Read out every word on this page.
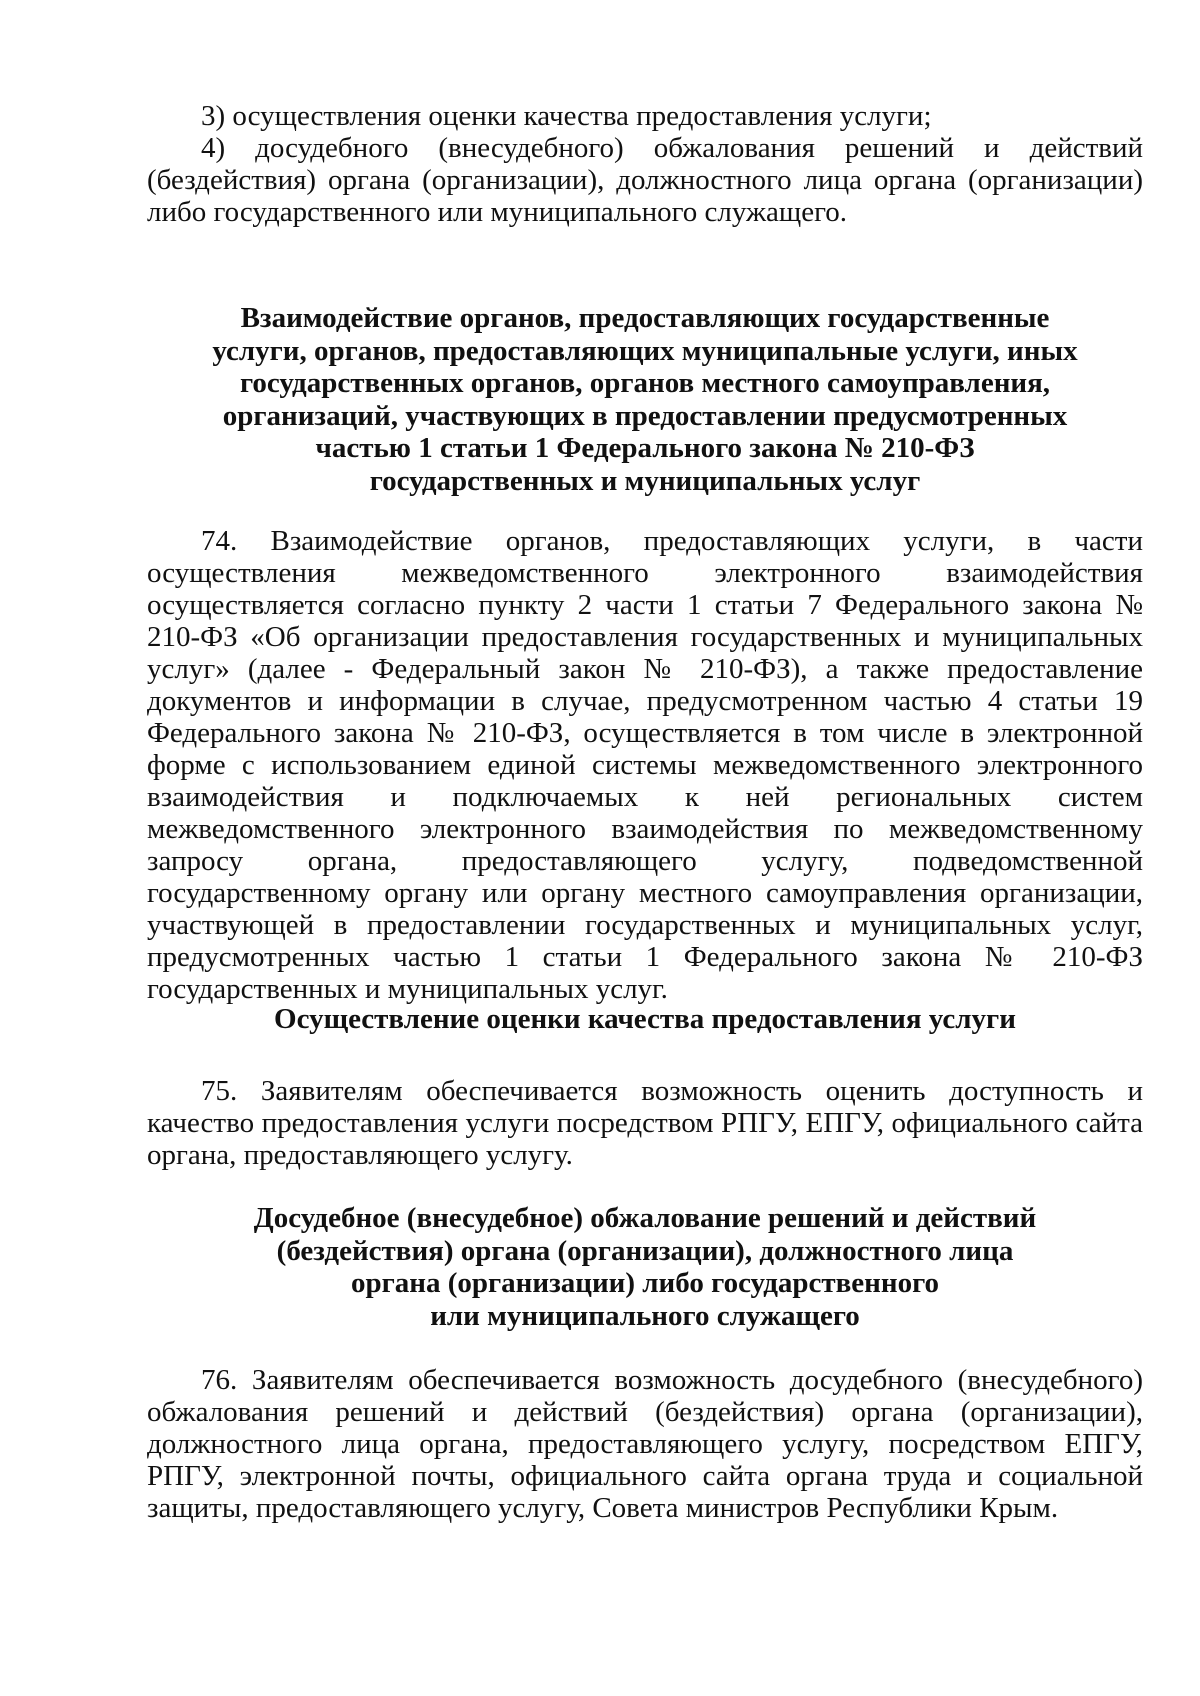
3) осуществления оценки качества предоставления услуги;

4) досудебного (внесудебного) обжалования решений и действий (бездействия) органа (организации), должностного лица органа (организации) либо государственного или муниципального служащего.

Взаимодействие органов, предоставляющих государственные
услуги, органов, предоставляющих муниципальные услуги, иных
государственных органов, органов местного самоуправления,
организаций, участвующих в предоставлении предусмотренных
частью 1 статьи 1 Федерального закона № 210-ФЗ
государственных и муниципальных услуг

74. Взаимодействие органов, предоставляющих услуги, в части осуществления межведомственного электронного взаимодействия осуществляется согласно пункту 2 части 1 статьи 7 Федерального закона № 210-ФЗ «Об организации предоставления государственных и муниципальных услуг» (далее - Федеральный закон № 210-ФЗ), а также предоставление документов и информации в случае, предусмотренном частью 4 статьи 19 Федерального закона № 210-ФЗ, осуществляется в том числе в электронной форме с использованием единой системы межведомственного электронного взаимодействия и подключаемых к ней региональных систем межведомственного электронного взаимодействия по межведомственному запросу органа, предоставляющего услугу, подведомственной государственному органу или органу местного самоуправления организации, участвующей в предоставлении государственных и муниципальных услуг, предусмотренных частью 1 статьи 1 Федерального закона № 210-ФЗ государственных и муниципальных услуг.

Осуществление оценки качества предоставления услуги

75. Заявителям обеспечивается возможность оценить доступность и качество предоставления услуги посредством РПГУ, ЕПГУ, официального сайта органа, предоставляющего услугу.

Досудебное (внесудебное) обжалование решений и действий
(бездействия) органа (организации), должностного лица
органа (организации) либо государственного
или муниципального служащего

76. Заявителям обеспечивается возможность досудебного (внесудебного) обжалования решений и действий (бездействия) органа (организации), должностного лица органа, предоставляющего услугу, посредством ЕПГУ, РПГУ, электронной почты, официального сайта органа труда и социальной защиты, предоставляющего услугу, Совета министров Республики Крым.
